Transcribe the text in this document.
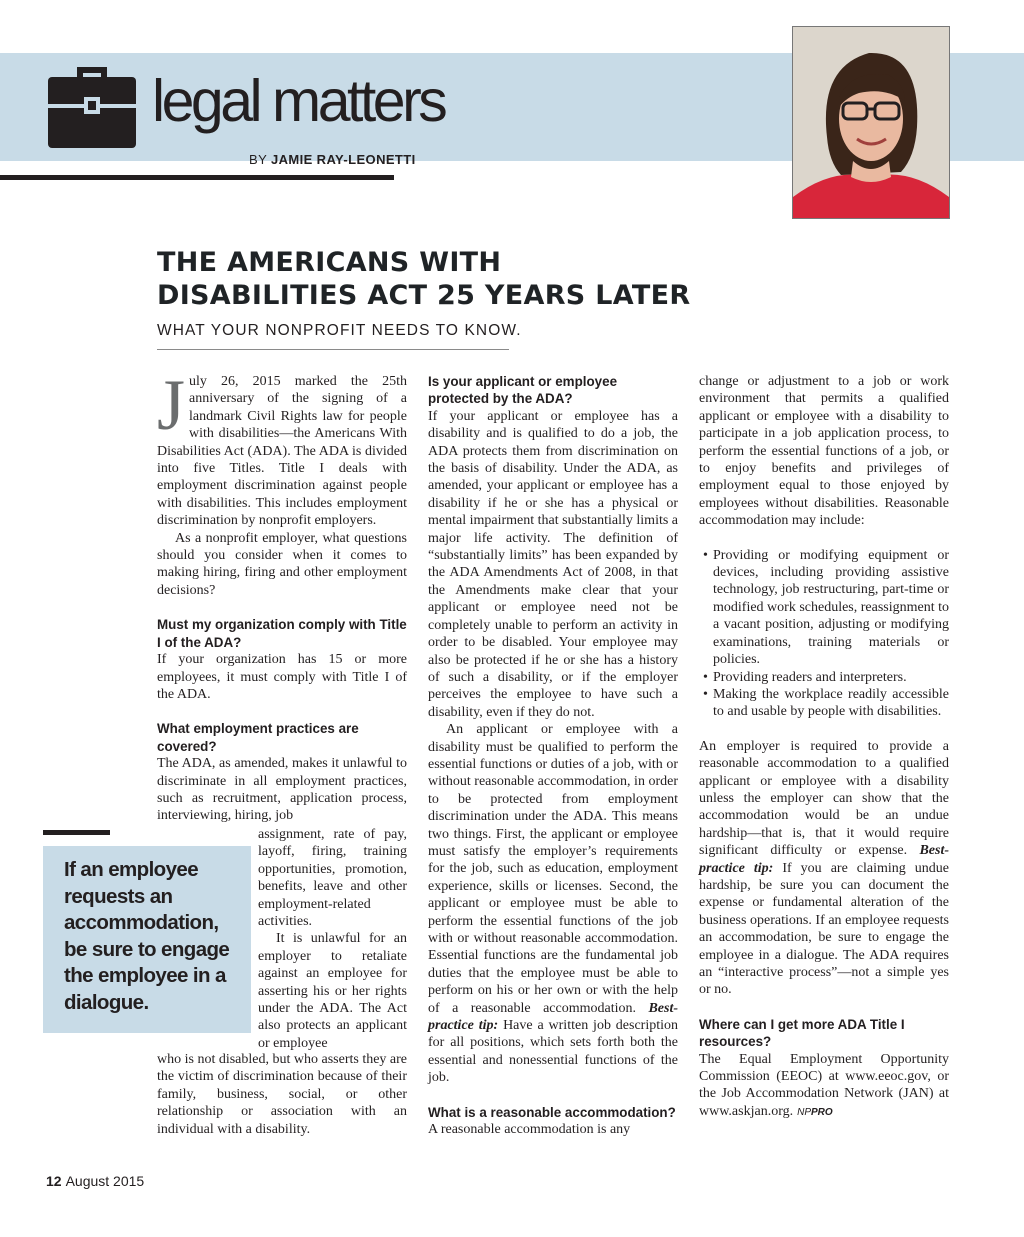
legal matters
BY JAMIE RAY-LEONETTI
THE AMERICANS WITH DISABILITIES ACT 25 YEARS LATER
WHAT YOUR NONPROFIT NEEDS TO KNOW.

July 26, 2015 marked the 25th anniversary of the signing of a landmark Civil Rights law for people with disabilities—the Americans With Disabilities Act (ADA). The ADA is divided into five Titles. Title I deals with employment discrimination against people with disabilities. This includes employment discrimination by nonprofit employers.

As a nonprofit employer, what questions should you consider when it comes to making hiring, firing and other employment decisions?

Must my organization comply with Title I of the ADA?

If your organization has 15 or more employees, it must comply with Title I of the ADA.

What employment practices are covered?

The ADA, as amended, makes it unlawful to discriminate in all employment practices, such as recruitment, application process, interviewing, hiring, job

assignment, rate of pay, layoff, firing, training opportunities, promotion, benefits, leave and other employment-related activities.

It is unlawful for an employer to retaliate against an employee for asserting his or her rights under the ADA. The Act also protects an applicant or employee

who is not disabled, but who asserts they are the victim of discrimination because of their family, business, social, or other relationship or association with an individual with a disability.

Is your applicant or employee protected by the ADA?

If your applicant or employee has a disability and is qualified to do a job, the ADA protects them from discrimination on the basis of disability. Under the ADA, as amended, your applicant or employee has a disability if he or she has a physical or mental impairment that substantially limits a major life activity. The definition of “substantially limits” has been expanded by the ADA Amendments Act of 2008, in that the Amendments make clear that your applicant or employee need not be completely unable to perform an activity in order to be disabled. Your employee may also be protected if he or she has a history of such a disability, or if the employer perceives the employee to have such a disability, even if they do not.

An applicant or employee with a disability must be qualified to perform the essential functions or duties of a job, with or without reasonable accommodation, in order to be protected from employment discrimination under the ADA. This means two things. First, the applicant or employee must satisfy the employer’s requirements for the job, such as education, employment experience, skills or licenses. Second, the applicant or employee must be able to perform the essential functions of the job with or without reasonable accommodation. Essential functions are the fundamental job duties that the employee must be able to perform on his or her own or with the help of a reasonable accommodation. Best-practice tip: Have a written job description for all positions, which sets forth both the essential and nonessential functions of the job.

What is a reasonable accommodation?

A reasonable accommodation is any

change or adjustment to a job or work environment that permits a qualified applicant or employee with a disability to participate in a job application process, to perform the essential functions of a job, or to enjoy benefits and privileges of employment equal to those enjoyed by employees without disabilities. Reasonable accommodation may include:

• Providing or modifying equipment or devices, including providing assistive technology, job restructuring, part-time or modified work schedules, reassignment to a vacant position, adjusting or modifying examinations, training materials or policies.
• Providing readers and interpreters.
• Making the workplace readily accessible to and usable by people with disabilities.

An employer is required to provide a reasonable accommodation to a qualified applicant or employee with a disability unless the employer can show that the accommodation would be an undue hardship—that is, that it would require significant difficulty or expense. Best-practice tip: If you are claiming undue hardship, be sure you can document the expense or fundamental alteration of the business operations. If an employee requests an accommodation, be sure to engage the employee in a dialogue. The ADA requires an “interactive process”—not a simple yes or no.

Where can I get more ADA Title I resources?

The Equal Employment Opportunity Commission (EEOC) at www.eeoc.gov, or the Job Accommodation Network (JAN) at www.askjan.org. NPPRO

If an employee requests an accommodation, be sure to engage the employee in a dialogue.
12 August 2015
